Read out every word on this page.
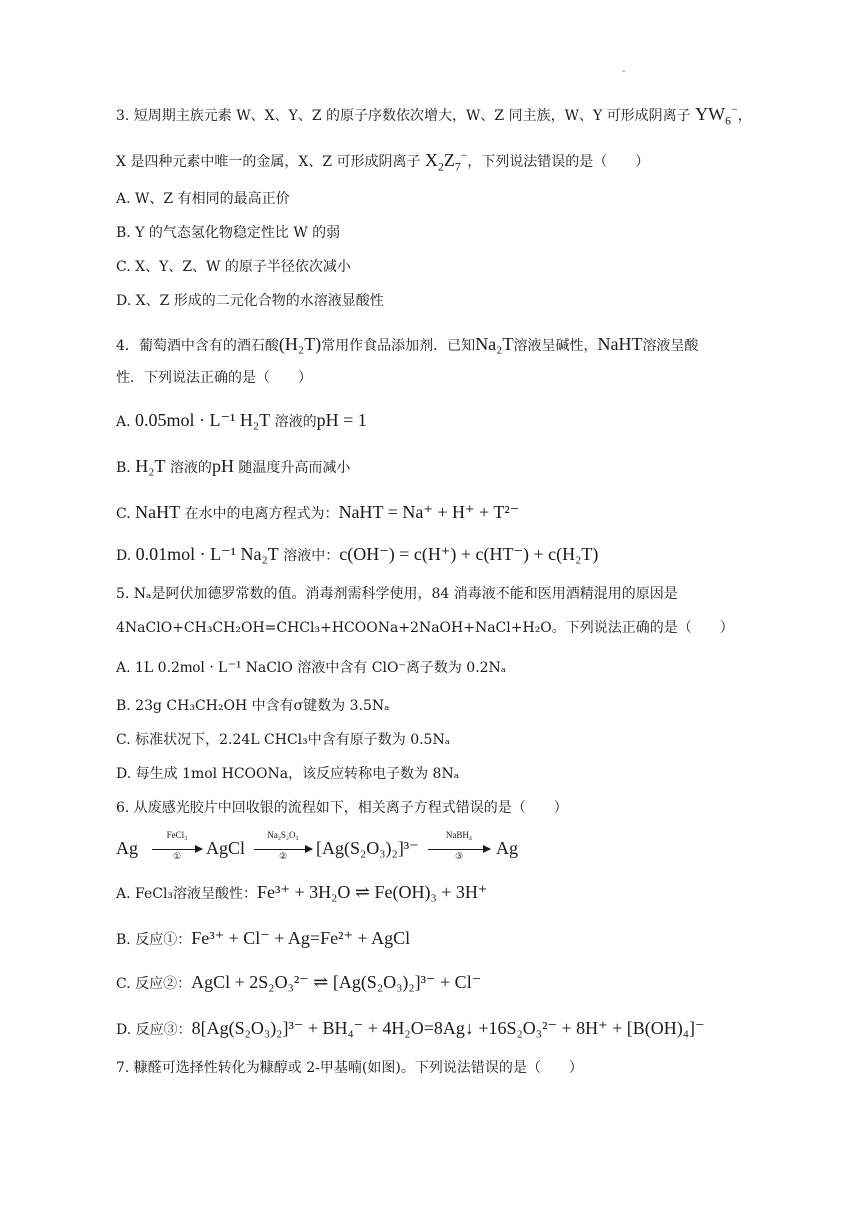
-
3. 短周期主族元素 W、X、Y、Z 的原子序数依次增大，W、Z 同主族，W、Y 可形成阴离子 $YW_6^-$，
X 是四种元素中唯一的金属，X、Z 可形成阴离子 $X_2Z_7^-$，下列说法错误的是（　　）
A. W、Z 有相同的最高正价
B. Y 的气态氢化物稳定性比 W 的弱
C. X、Y、Z、W 的原子半径依次减小
D. X、Z 形成的二元化合物的水溶液显酸性
4．葡萄酒中含有的酒石酸(H₂T)常用作食品添加剂．已知Na₂T溶液呈碱性，NaHT溶液呈酸
性．下列说法正确的是（　　）
A. 0.05mol · L⁻¹ H₂T 溶液的pH = 1
B. H₂T 溶液的pH 随温度升高而减小
C. NaHT 在水中的电离方程式为：NaHT = Na⁺ + H⁺ + T²⁻
D. 0.01mol · L⁻¹ Na₂T 溶液中：c(OH⁻) = c(H⁺) + c(HT⁻) + c(H₂T)
5. Nₐ是阿伏加德罗常数的值。消毒剂需科学使用，84 消毒液不能和医用酒精混用的原因是
4NaClO+CH₃CH₂OH=CHCl₃+HCOONa+2NaOH+NaCl+H₂O。下列说法正确的是（　　）
A. 1L 0.2mol · L⁻¹ NaClO 溶液中含有 ClO⁻离子数为 0.2Nₐ
B. 23g CH₃CH₂OH 中含有σ键数为 3.5Nₐ
C. 标准状况下，2.24L CHCl₃中含有原子数为 0.5Nₐ
D. 每生成 1mol HCOONa，该反应转称电子数为 8Nₐ
6. 从废感光胶片中回收银的流程如下，相关离子方程式错误的是（　　）
Ag
FeCl₃
①	AgCl
Na₂S₂O₃
②	[Ag(S₂O₃)₂]³⁻
NaBH₄
③	Ag
A. FeCl₃溶液呈酸性：Fe³⁺ + 3H₂O ⇌ Fe(OH)₃ + 3H⁺
B. 反应①：Fe³⁺ + Cl⁻ + Ag=Fe²⁺ + AgCl
C. 反应②：AgCl + 2S₂O₃²⁻ ⇌ [Ag(S₂O₃)₂]³⁻ + Cl⁻
D. 反应③：8[Ag(S₂O₃)₂]³⁻ + BH₄⁻ + 4H₂O=8Ag↓ +16S₂O₃²⁻ + 8H⁺ + [B(OH)₄]⁻
7. 糠醛可选择性转化为糠醇或 2-甲基喃(如图)。下列说法错误的是（　　）
